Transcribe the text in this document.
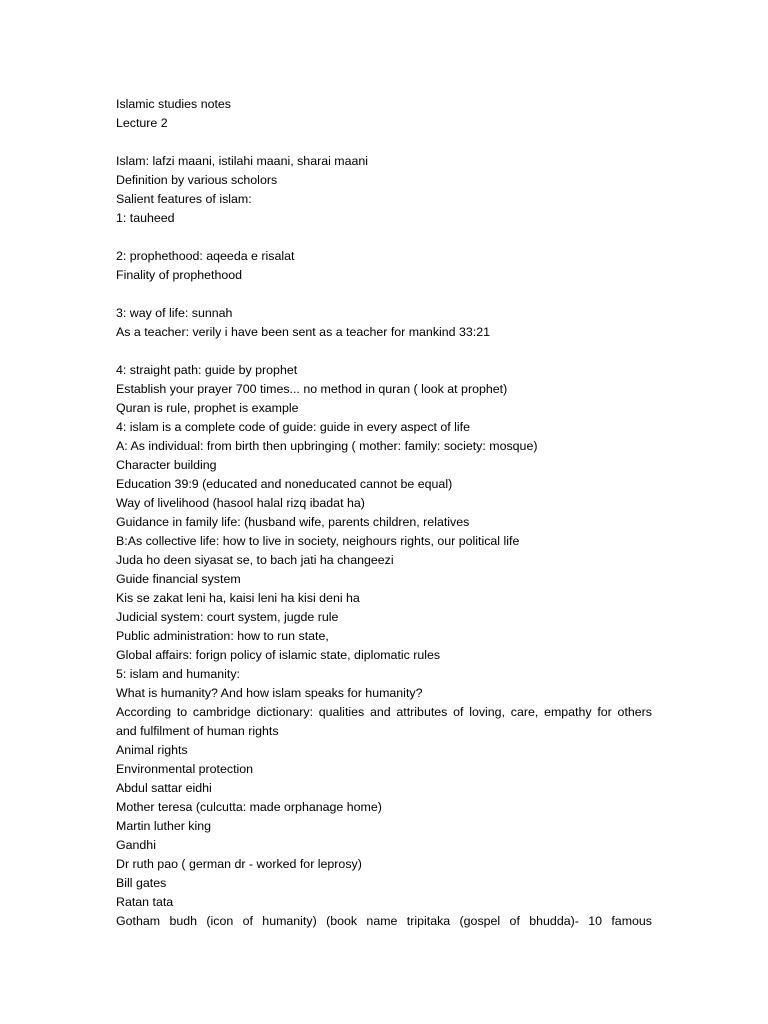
Islamic studies notes
Lecture 2
Islam: lafzi maani, istilahi maani, sharai maani
Definition by various scholors
Salient features of islam:
1: tauheed
2: prophethood: aqeeda e risalat
Finality of prophethood
3: way of life: sunnah
As a teacher: verily i have been sent as a teacher for mankind 33:21
4: straight path: guide by prophet
Establish your prayer 700 times... no method in quran ( look at prophet)
Quran is rule, prophet is example
4: islam is a complete code of guide: guide in every aspect of life
A: As individual: from birth then upbringing ( mother: family: society: mosque)
Character building
Education 39:9 (educated and noneducated cannot be equal)
Way of livelihood (hasool halal rizq ibadat ha)
Guidance in family life: (husband wife, parents children, relatives
B:As collective life: how to live in society, neighours rights, our political life
Juda ho deen siyasat se, to bach jati ha changeezi
Guide financial system
Kis se zakat leni ha, kaisi leni ha kisi deni ha
Judicial system: court system, jugde rule
Public administration: how to run state,
Global affairs: forign policy of islamic state, diplomatic rules
5: islam and humanity:
What is humanity? And how islam speaks for humanity?
According to cambridge dictionary: qualities and attributes of loving, care, empathy for others
and fulfilment of human rights
Animal rights
Environmental protection
Abdul sattar eidhi
Mother teresa (culcutta: made orphanage home)
Martin luther king
Gandhi
Dr ruth pao ( german dr - worked for leprosy)
Bill gates
Ratan tata
Gotham budh (icon of humanity) (book name tripitaka (gospel of bhudda)- 10 famous
